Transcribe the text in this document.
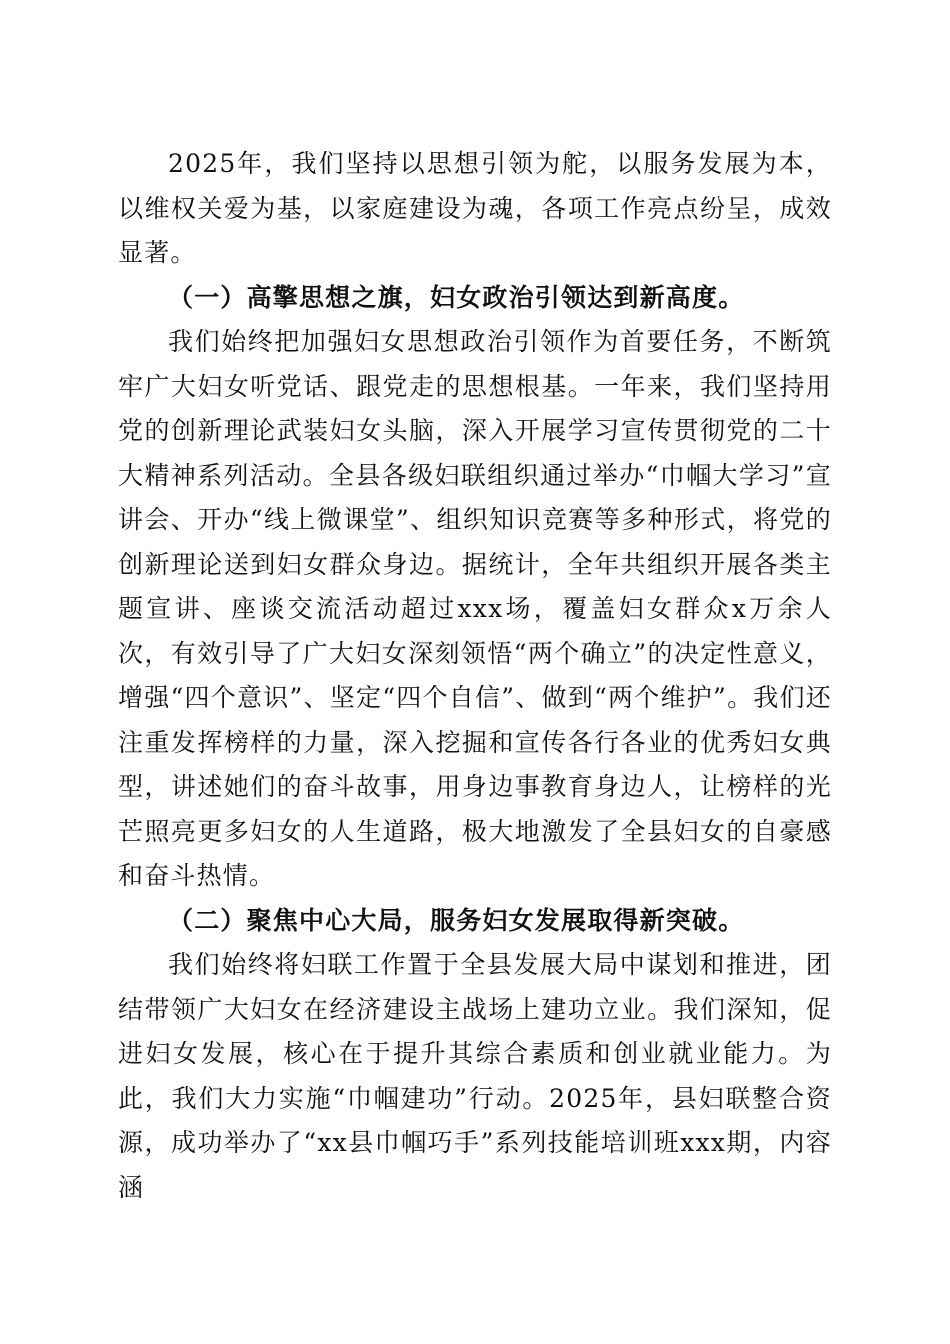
2025年，我们坚持以思想引领为舵，以服务发展为本，以维权关爱为基，以家庭建设为魂，各项工作亮点纷呈，成效显著。

（一）高擎思想之旗，妇女政治引领达到新高度。

我们始终把加强妇女思想政治引领作为首要任务，不断筑牢广大妇女听党话、跟党走的思想根基。一年来，我们坚持用党的创新理论武装妇女头脑，深入开展学习宣传贯彻党的二十大精神系列活动。全县各级妇联组织通过举办“巾帼大学习”宣讲会、开办“线上微课堂”、组织知识竞赛等多种形式，将党的创新理论送到妇女群众身边。据统计，全年共组织开展各类主题宣讲、座谈交流活动超过xxx场，覆盖妇女群众x万余人次，有效引导了广大妇女深刻领悟“两个确立”的决定性意义，增强“四个意识”、坚定“四个自信”、做到“两个维护”。我们还注重发挥榜样的力量，深入挖掘和宣传各行各业的优秀妇女典型，讲述她们的奋斗故事，用身边事教育身边人，让榜样的光芒照亮更多妇女的人生道路，极大地激发了全县妇女的自豪感和奋斗热情。

（二）聚焦中心大局，服务妇女发展取得新突破。

我们始终将妇联工作置于全县发展大局中谋划和推进，团结带领广大妇女在经济建设主战场上建功立业。我们深知，促进妇女发展，核心在于提升其综合素质和创业就业能力。为此，我们大力实施“巾帼建功”行动。2025年，县妇联整合资源，成功举办了“xx县巾帼巧手”系列技能培训班xxx期，内容涵
